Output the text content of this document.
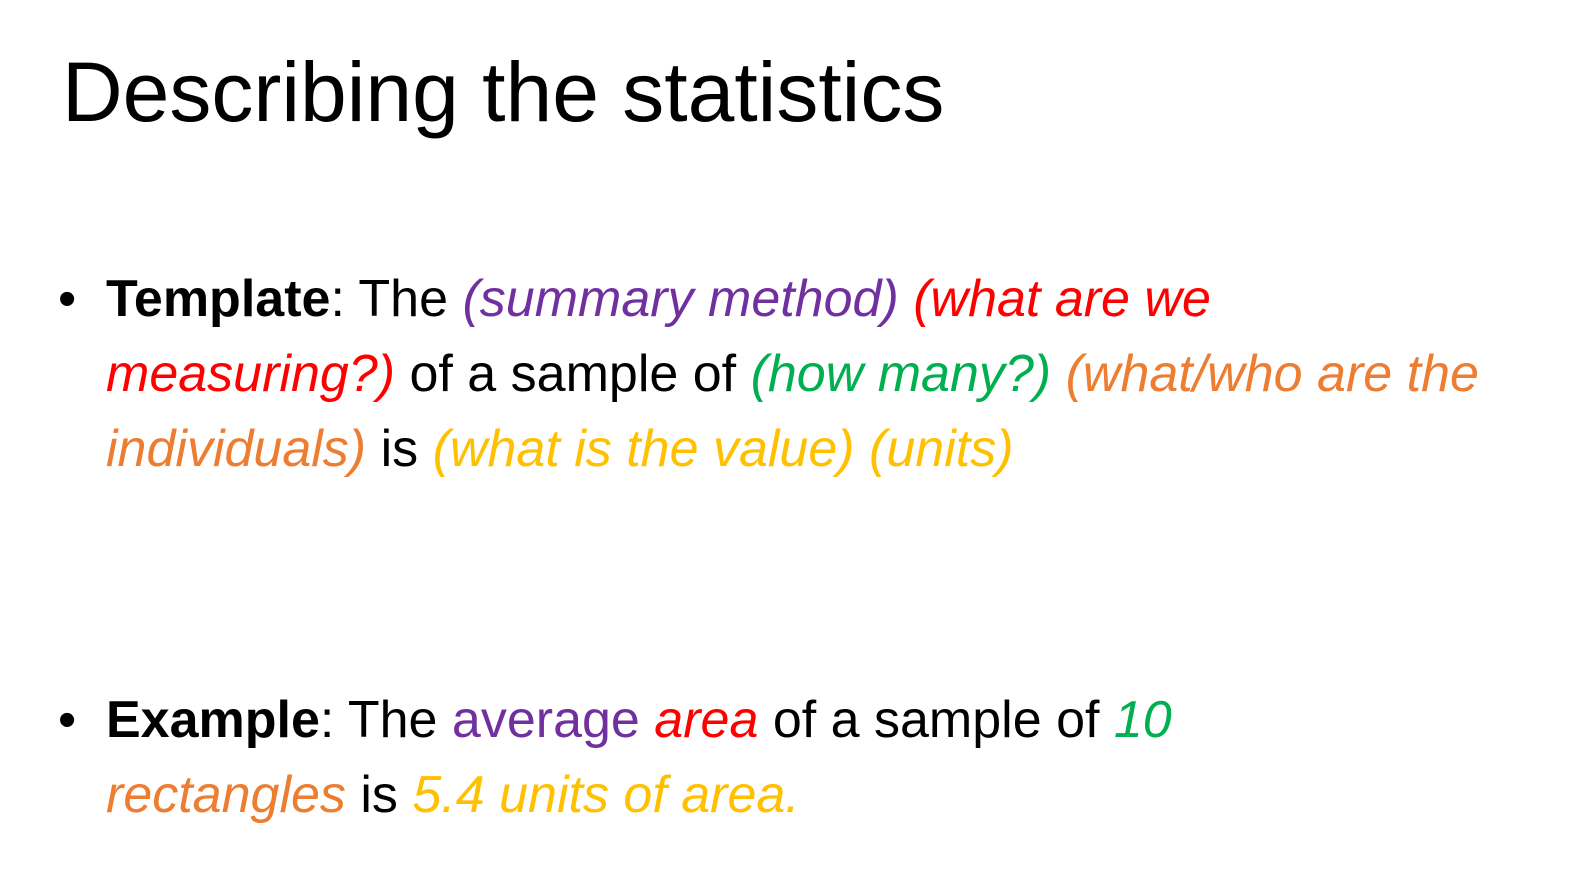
Describing the statistics
• Template: The (summary method) (what are we measuring?) of a sample of (how many?) (what/who are the individuals) is (what is the value) (units)
• Example: The average area of a sample of 10
rectangles is 5.4 units of area.
